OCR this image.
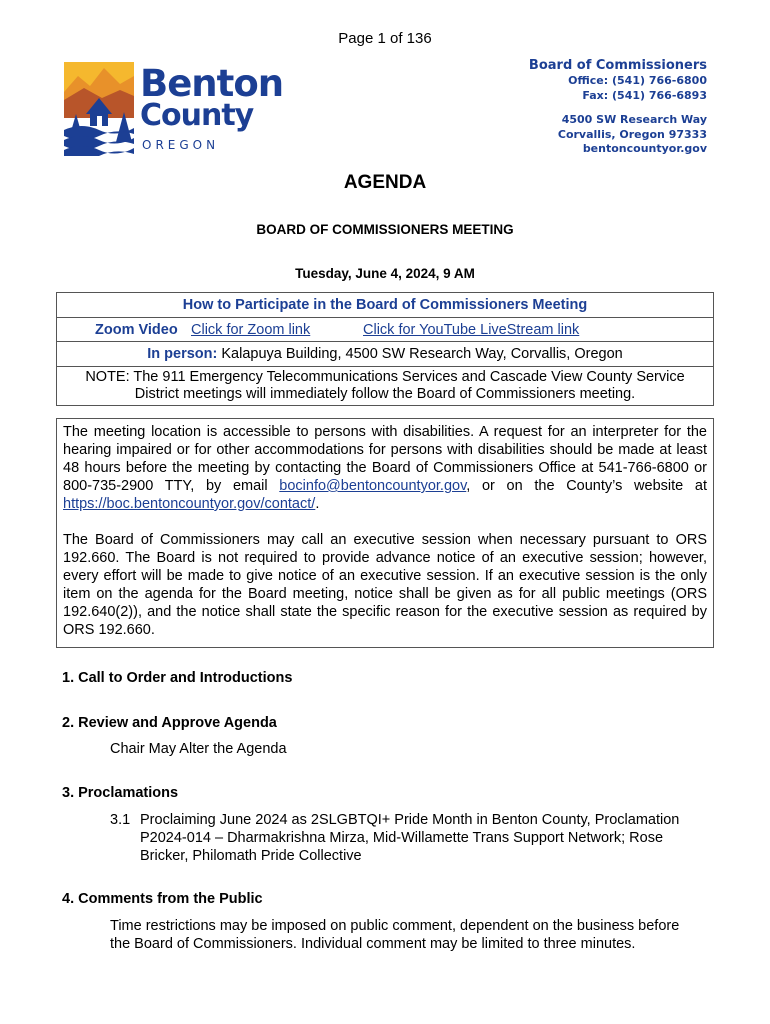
Page 1 of 136
Benton
County
OREGON
Board of Commissioners
Office: (541) 766-6800
Fax: (541) 766-6893
4500 SW Research Way
Corvallis, Oregon 97333
bentoncountyor.gov
AGENDA
BOARD OF COMMISSIONERS MEETING
Tuesday, June 4, 2024, 9 AM
How to Participate in the Board of Commissioners Meeting
Zoom Video Click for Zoom link	Click for YouTube LiveStream link
In person: Kalapuya Building, 4500 SW Research Way, Corvallis, Oregon
NOTE: The 911 Emergency Telecommunications Services and Cascade View County Service
District meetings will immediately follow the Board of Commissioners meeting.

The meeting location is accessible to persons with disabilities. A request for an interpreter for the hearing impaired or for other accommodations for persons with disabilities should be made at least 48 hours before the meeting by contacting the Board of Commissioners Office at 541-766-6800 or 800-735-2900 TTY, by email bocinfo@bentoncountyor.gov, or on the County’s website at https://boc.bentoncountyor.gov/contact/.

The Board of Commissioners may call an executive session when necessary pursuant to ORS 192.660. The Board is not required to provide advance notice of an executive session; however, every effort will be made to give notice of an executive session. If an executive session is the only item on the agenda for the Board meeting, notice shall be given as for all public meetings (ORS 192.640(2)), and the notice shall state the specific reason for the executive session as required by ORS 192.660.

1. Call to Order and Introductions
2. Review and Approve Agenda
Chair May Alter the Agenda
3. Proclamations
3.1 Proclaiming June 2024 as 2SLGBTQI+ Pride Month in Benton County, Proclamation
P2024-014 – Dharmakrishna Mirza, Mid-Willamette Trans Support Network; Rose
Bricker, Philomath Pride Collective
4. Comments from the Public
Time restrictions may be imposed on public comment, dependent on the business before
the Board of Commissioners. Individual comment may be limited to three minutes.
